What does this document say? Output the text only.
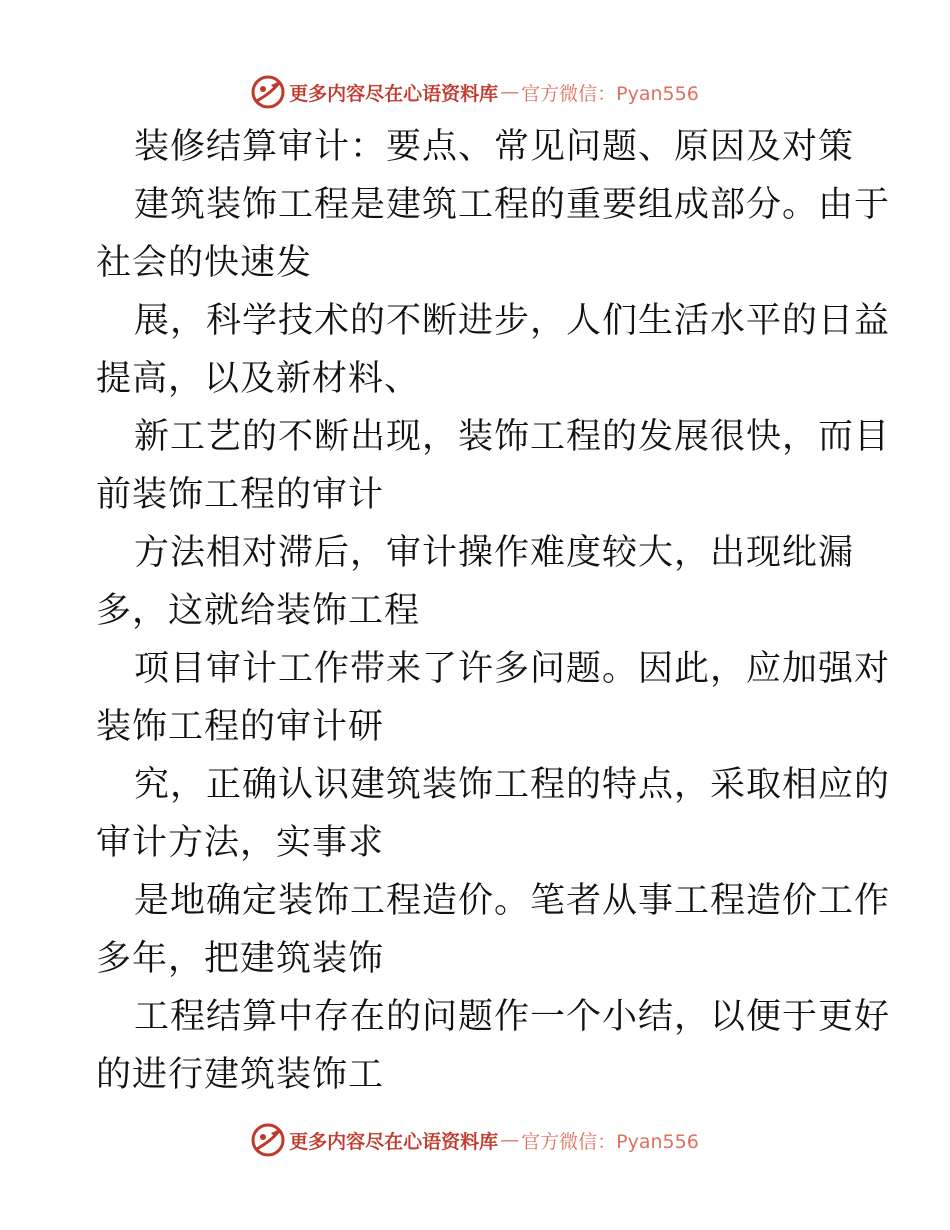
更多内容尽在心语资料库 — 官方微信：Pyan556
装修结算审计：要点、常见问题、原因及对策

建筑装饰工程是建筑工程的重要组成部分。由于
社会的快速发

展，科学技术的不断进步，人们生活水平的日益
提高，以及新材料、

新工艺的不断出现，装饰工程的发展很快，而目
前装饰工程的审计

方法相对滞后，审计操作难度较大，出现纰漏
多，这就给装饰工程

项目审计工作带来了许多问题。因此，应加强对
装饰工程的审计研

究，正确认识建筑装饰工程的特点，采取相应的
审计方法，实事求

是地确定装饰工程造价。笔者从事工程造价工作
多年，把建筑装饰

工程结算中存在的问题作一个小结，以便于更好
的进行建筑装饰工

更多内容尽在心语资料库 — 官方微信：Pyan556
